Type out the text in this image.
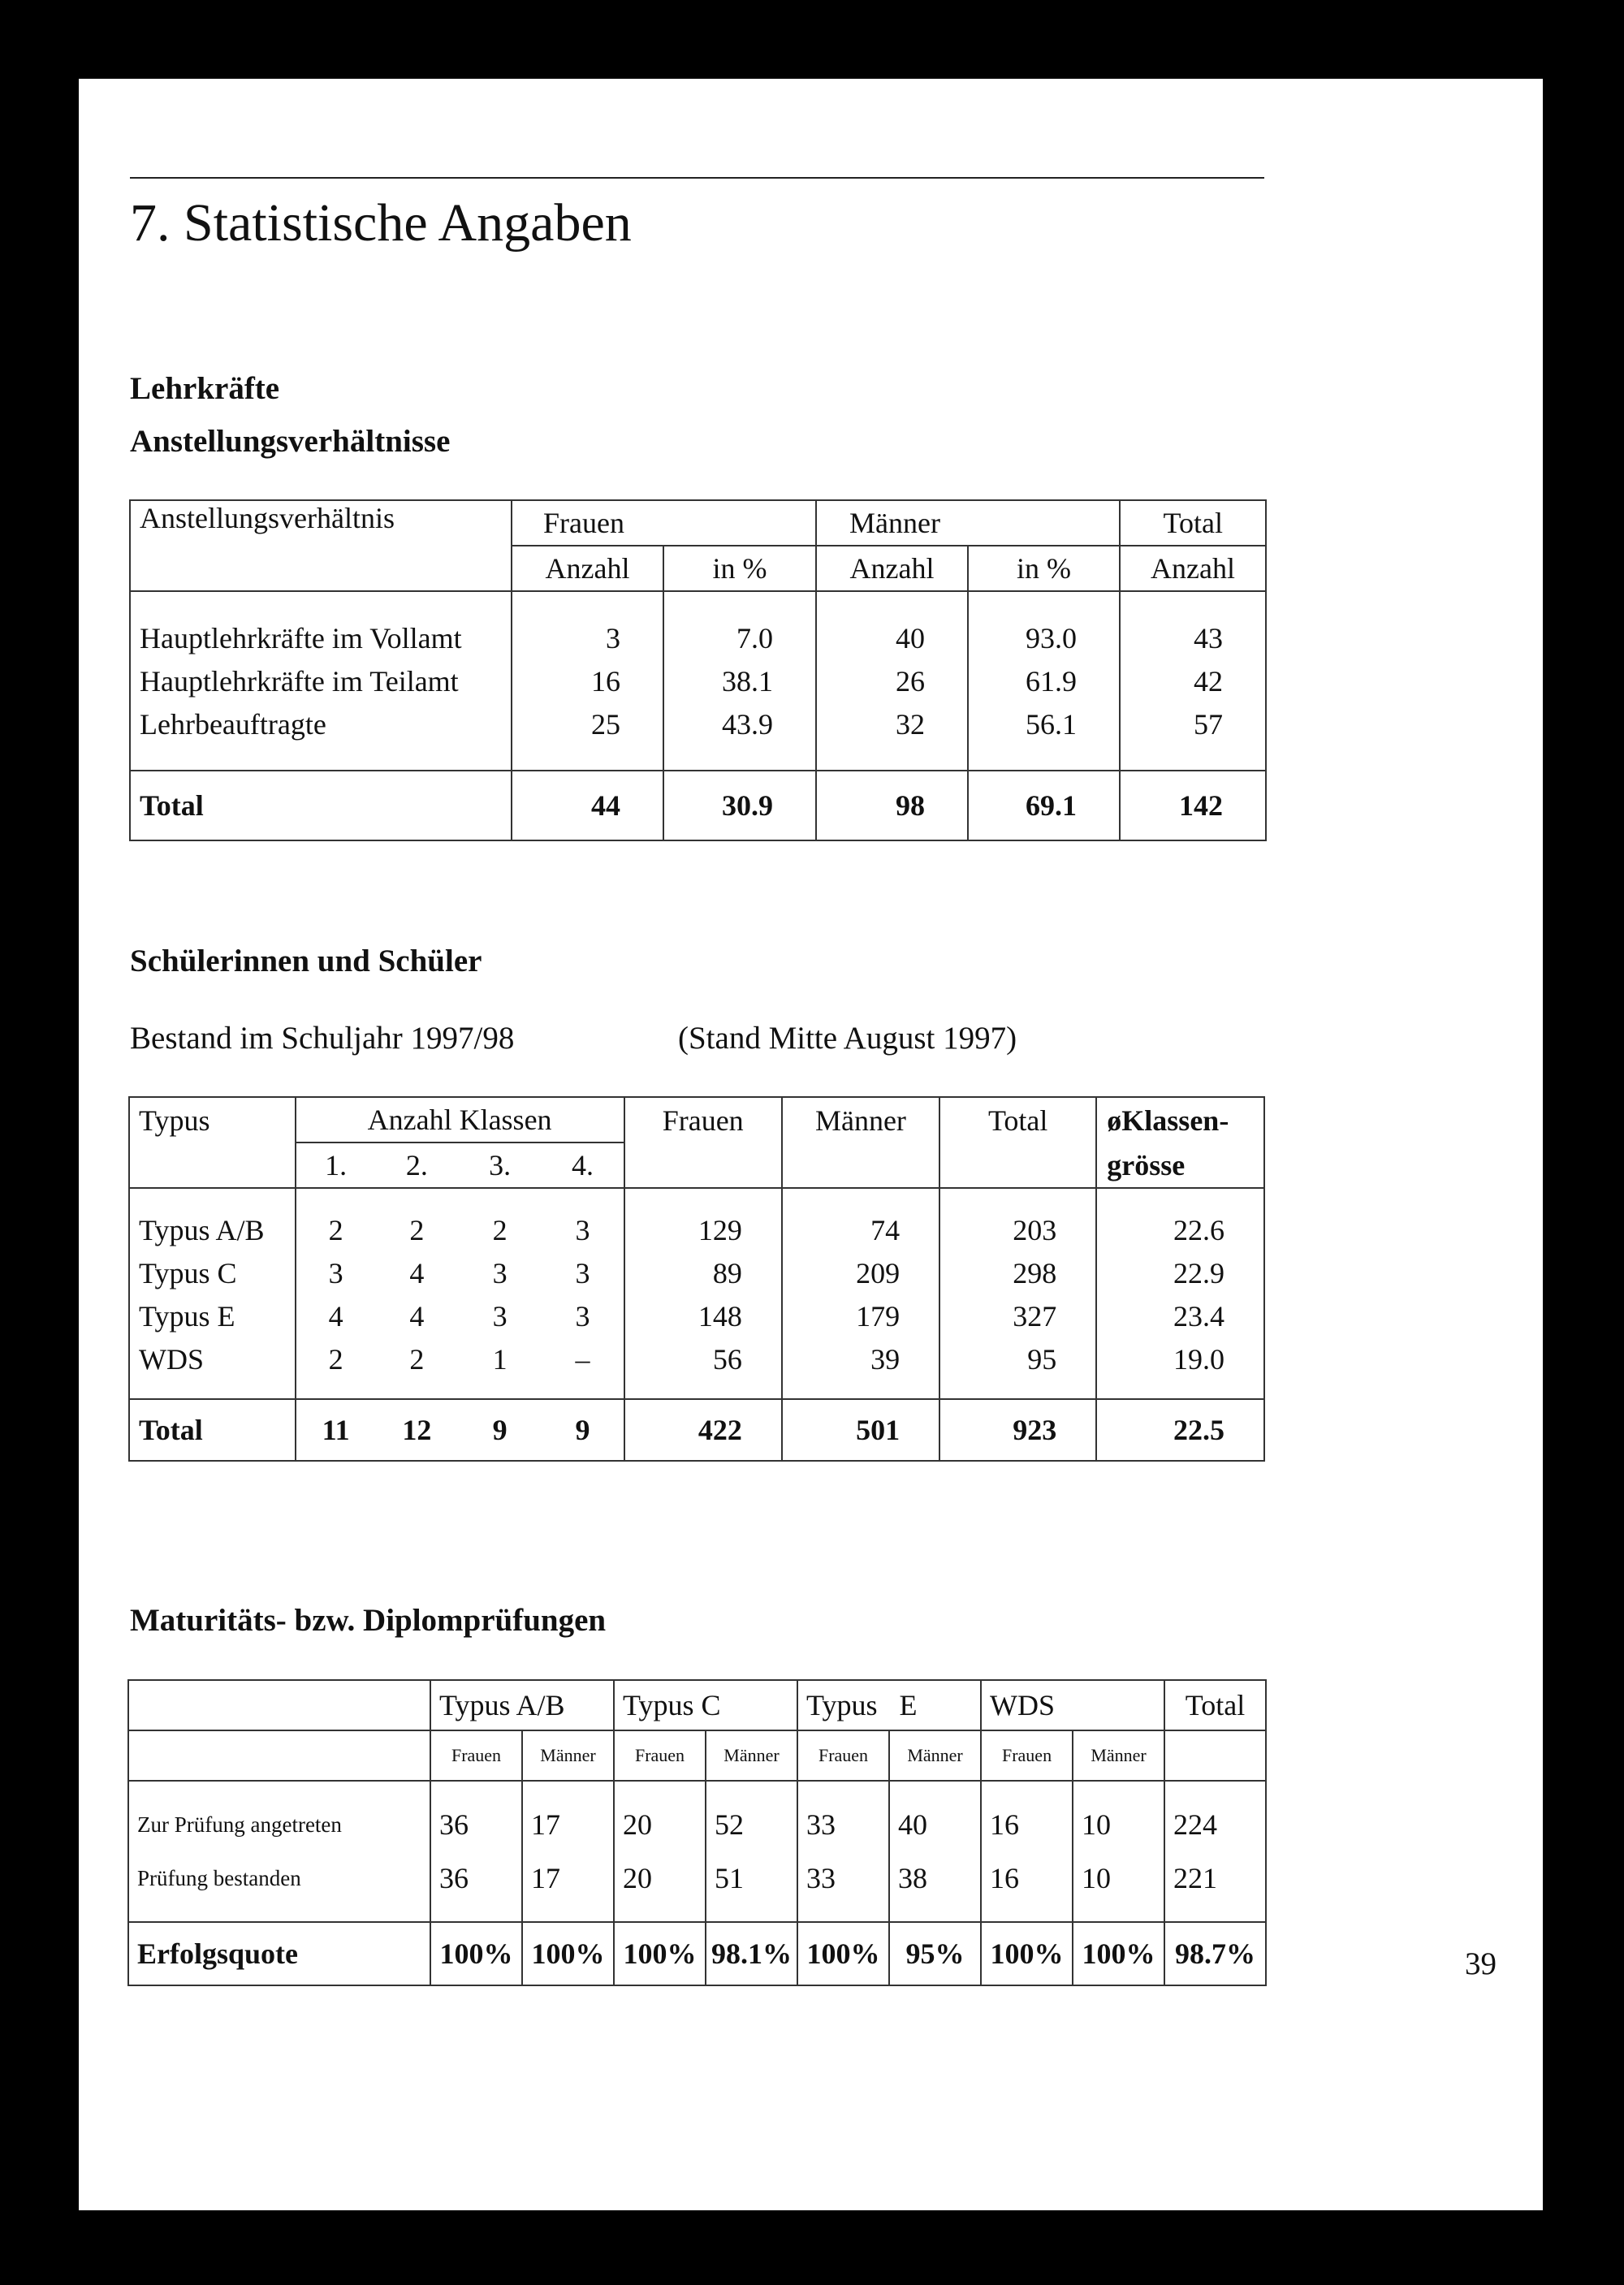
7. Statistische Angaben

Lehrkräfte

Anstellungsverhältnisse

Anstellungsverhältnis	Frauen		Männer		Total
	Anzahl	in %	Anzahl	in %	Anzahl

Hauptlehrkräfte im Vollamt	3	7.0	40	93.0	43
Hauptlehrkräfte im Teilamt	16	38.1	26	61.9	42
Lehrbeauftragte	25	43.9	32	56.1	57

Total	44	30.9	98	69.1	142

Schülerinnen und Schüler

Bestand im Schuljahr 1997/98	(Stand Mitte August 1997)

Typus	Anzahl Klassen				Frauen	Männer	Total	øKlassen-
	1.	2.	3.	4.				grösse

Typus A/B	2	2	2	3	129	74	203	22.6
Typus C	3	4	3	3	89	209	298	22.9
Typus E	4	4	3	3	148	179	327	23.4
WDS	2	2	1	–	56	39	95	19.0

Total	11	12	9	9	422	501	923	22.5

Maturitäts- bzw. Diplomprüfungen

	Typus A/B		Typus C		Typus   E		WDS		Total
	Frauen	Männer	Frauen	Männer	Frauen	Männer	Frauen	Männer	
Zur Prüfung angetreten	36	17	20	52	33	40	16	10	224
Prüfung bestanden	36	17	20	51	33	38	16	10	221
Erfolgsquote	100%	100%	100%	98.1%	100%	95%	100%	100%	98.7%	39
